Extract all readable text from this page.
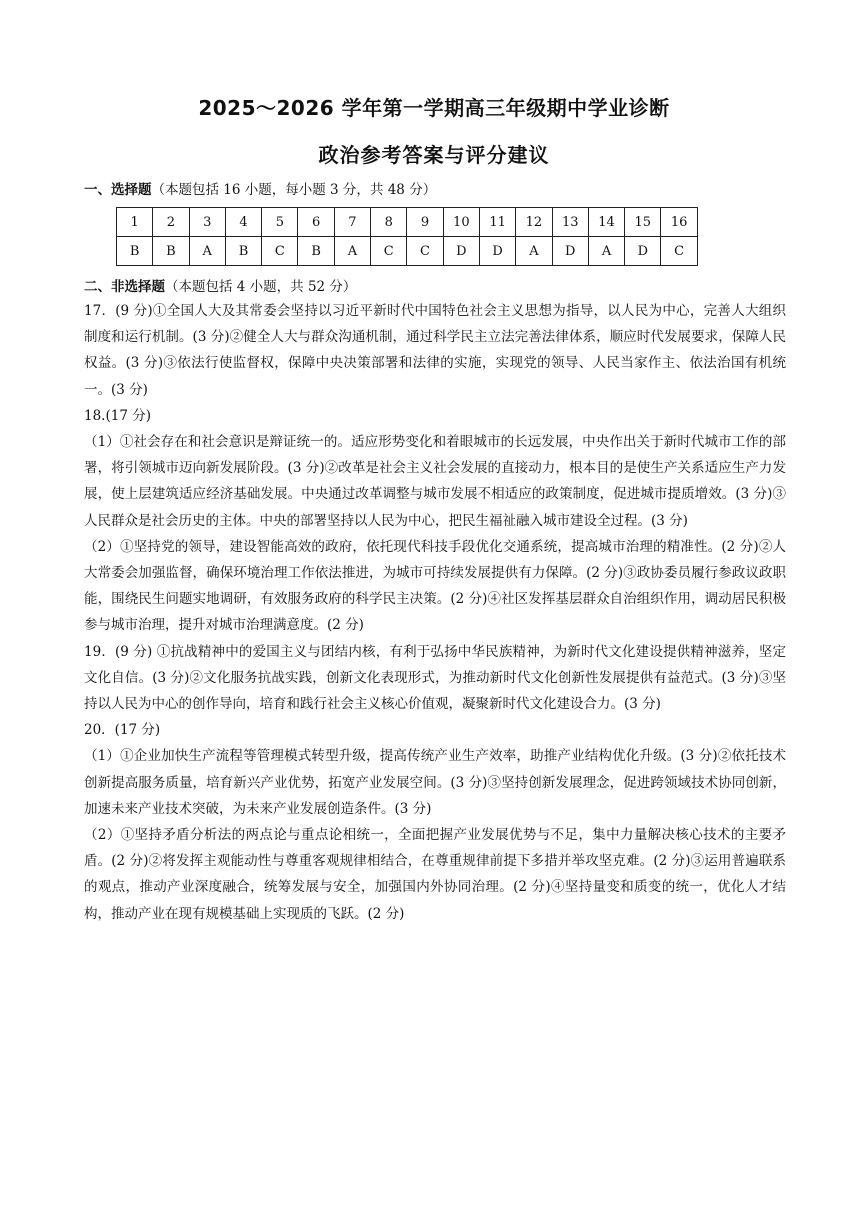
2025～2026 学年第一学期高三年级期中学业诊断
政治参考答案与评分建议
一、选择题（本题包括 16 小题，每小题 3 分，共 48 分）
1	2	3	4	5	6	7	8	9	10	11	12	13	14	15	16
B	B	A	B	C	B	A	C	C	D	D	A	D	A	D	C
二、非选择题（本题包括 4 小题，共 52 分）

17．(9 分)①全国人大及其常委会坚持以习近平新时代中国特色社会主义思想为指导，以人民为中心，完善人大组织制度和运行机制。(3 分)②健全人大与群众沟通机制，通过科学民主立法完善法律体系，顺应时代发展要求，保障人民权益。(3 分)③依法行使监督权，保障中央决策部署和法律的实施，实现党的领导、人民当家作主、依法治国有机统一。(3 分)

18.(17 分)

（1）①社会存在和社会意识是辩证统一的。适应形势变化和着眼城市的长远发展，中央作出关于新时代城市工作的部署，将引领城市迈向新发展阶段。(3 分)②改革是社会主义社会发展的直接动力，根本目的是使生产关系适应生产力发展，使上层建筑适应经济基础发展。中央通过改革调整与城市发展不相适应的政策制度，促进城市提质增效。(3 分)③人民群众是社会历史的主体。中央的部署坚持以人民为中心，把民生福祉融入城市建设全过程。(3 分)

（2）①坚持党的领导，建设智能高效的政府，依托现代科技手段优化交通系统，提高城市治理的精准性。(2 分)②人大常委会加强监督，确保环境治理工作依法推进，为城市可持续发展提供有力保障。(2 分)③政协委员履行参政议政职能，围绕民生问题实地调研，有效服务政府的科学民主决策。(2 分)④社区发挥基层群众自治组织作用，调动居民积极参与城市治理，提升对城市治理满意度。(2 分)

19．(9 分) ①抗战精神中的爱国主义与团结内核，有利于弘扬中华民族精神，为新时代文化建设提供精神滋养，坚定文化自信。(3 分)②文化服务抗战实践，创新文化表现形式，为推动新时代文化创新性发展提供有益范式。(3 分)③坚持以人民为中心的创作导向，培育和践行社会主义核心价值观，凝聚新时代文化建设合力。(3 分)

20．(17 分)

（1）①企业加快生产流程等管理模式转型升级，提高传统产业生产效率，助推产业结构优化升级。(3 分)②依托技术创新提高服务质量，培育新兴产业优势，拓宽产业发展空间。(3 分)③坚持创新发展理念，促进跨领域技术协同创新，加速未来产业技术突破，为未来产业发展创造条件。(3 分)

（2）①坚持矛盾分析法的两点论与重点论相统一，全面把握产业发展优势与不足，集中力量解决核心技术的主要矛盾。(2 分)②将发挥主观能动性与尊重客观规律相结合，在尊重规律前提下多措并举攻坚克难。(2 分)③运用普遍联系的观点，推动产业深度融合，统筹发展与安全，加强国内外协同治理。(2 分)④坚持量变和质变的统一，优化人才结构，推动产业在现有规模基础上实现质的飞跃。(2 分)
